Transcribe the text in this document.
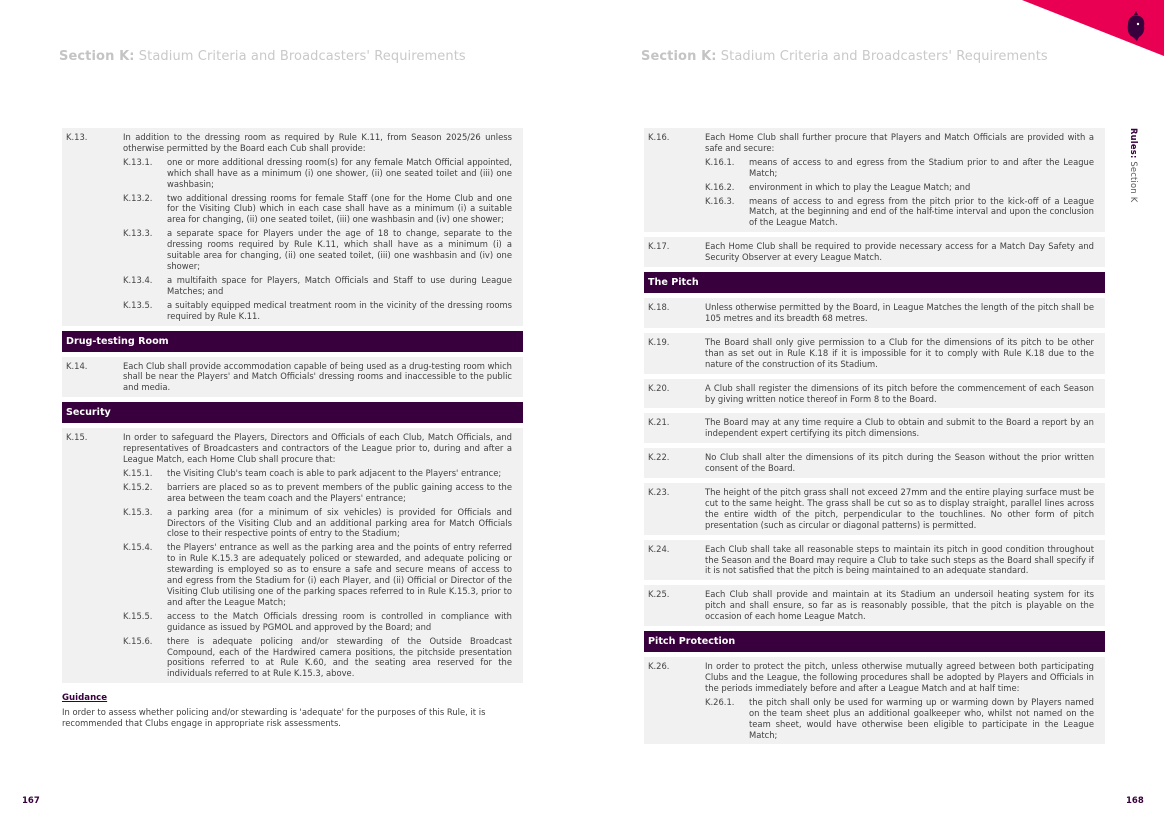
Section K: Stadium Criteria and Broadcasters' Requirements
K.13.	In addition to the dressing room as required by Rule K.11, from Season 2025/26 unless otherwise permitted by the Board each Cub shall provide:
K.13.1.	one or more additional dressing room(s) for any female Match Official appointed, which shall have as a minimum (i) one shower, (ii) one seated toilet and (iii) one washbasin;
K.13.2.	two additional dressing rooms for female Staff (one for the Home Club and one for the Visiting Club) which in each case shall have as a minimum (i) a suitable area for changing, (ii) one seated toilet, (iii) one washbasin and (iv) one shower;
K.13.3.	a separate space for Players under the age of 18 to change, separate to the dressing rooms required by Rule K.11, which shall have as a minimum (i) a suitable area for changing, (ii) one seated toilet, (iii) one washbasin and (iv) one shower;
K.13.4.	a multifaith space for Players, Match Officials and Staff to use during League Matches; and
K.13.5.	a suitably equipped medical treatment room in the vicinity of the dressing rooms required by Rule K.11.
Drug-testing Room
K.14.	Each Club shall provide accommodation capable of being used as a drug-testing room which shall be near the Players' and Match Officials' dressing rooms and inaccessible to the public and media.
Security
K.15.	In order to safeguard the Players, Directors and Officials of each Club, Match Officials, and representatives of Broadcasters and contractors of the League prior to, during and after a League Match, each Home Club shall procure that:
K.15.1.	the Visiting Club's team coach is able to park adjacent to the Players' entrance;
K.15.2.	barriers are placed so as to prevent members of the public gaining access to the area between the team coach and the Players' entrance;
K.15.3.	a parking area (for a minimum of six vehicles) is provided for Officials and Directors of the Visiting Club and an additional parking area for Match Officials close to their respective points of entry to the Stadium;
K.15.4.	the Players' entrance as well as the parking area and the points of entry referred to in Rule K.15.3 are adequately policed or stewarded, and adequate policing or stewarding is employed so as to ensure a safe and secure means of access to and egress from the Stadium for (i) each Player, and (ii) Official or Director of the Visiting Club utilising one of the parking spaces referred to in Rule K.15.3, prior to and after the League Match;
K.15.5.	access to the Match Officials dressing room is controlled in compliance with guidance as issued by PGMOL and approved by the Board; and
K.15.6.	there is adequate policing and/or stewarding of the Outside Broadcast Compound, each of the Hardwired camera positions, the pitchside presentation positions referred to at Rule K.60, and the seating area reserved for the individuals referred to at Rule K.15.3, above.
Guidance
In order to assess whether policing and/or stewarding is 'adequate' for the purposes of this Rule, it is recommended that Clubs engage in appropriate risk assessments.
167
Section K: Stadium Criteria and Broadcasters' Requirements
K.16.	Each Home Club shall further procure that Players and Match Officials are provided with a safe and secure:
K.16.1.	means of access to and egress from the Stadium prior to and after the League Match;
K.16.2.	environment in which to play the League Match; and
K.16.3.	means of access to and egress from the pitch prior to the kick-off of a League Match, at the beginning and end of the half-time interval and upon the conclusion of the League Match.
K.17.	Each Home Club shall be required to provide necessary access for a Match Day Safety and Security Observer at every League Match.
The Pitch
K.18.	Unless otherwise permitted by the Board, in League Matches the length of the pitch shall be 105 metres and its breadth 68 metres.
K.19.	The Board shall only give permission to a Club for the dimensions of its pitch to be other than as set out in Rule K.18 if it is impossible for it to comply with Rule K.18 due to the nature of the construction of its Stadium.
K.20.	A Club shall register the dimensions of its pitch before the commencement of each Season by giving written notice thereof in Form 8 to the Board.
K.21.	The Board may at any time require a Club to obtain and submit to the Board a report by an independent expert certifying its pitch dimensions.
K.22.	No Club shall alter the dimensions of its pitch during the Season without the prior written consent of the Board.
K.23.	The height of the pitch grass shall not exceed 27mm and the entire playing surface must be cut to the same height. The grass shall be cut so as to display straight, parallel lines across the entire width of the pitch, perpendicular to the touchlines. No other form of pitch presentation (such as circular or diagonal patterns) is permitted.
K.24.	Each Club shall take all reasonable steps to maintain its pitch in good condition throughout the Season and the Board may require a Club to take such steps as the Board shall specify if it is not satisfied that the pitch is being maintained to an adequate standard.
K.25.	Each Club shall provide and maintain at its Stadium an undersoil heating system for its pitch and shall ensure, so far as is reasonably possible, that the pitch is playable on the occasion of each home League Match.
Pitch Protection
K.26.	In order to protect the pitch, unless otherwise mutually agreed between both participating Clubs and the League, the following procedures shall be adopted by Players and Officials in the periods immediately before and after a League Match and at half time:
K.26.1.	the pitch shall only be used for warming up or warming down by Players named on the team sheet plus an additional goalkeeper who, whilst not named on the team sheet, would have otherwise been eligible to participate in the League Match;
168
Rules: Section K
